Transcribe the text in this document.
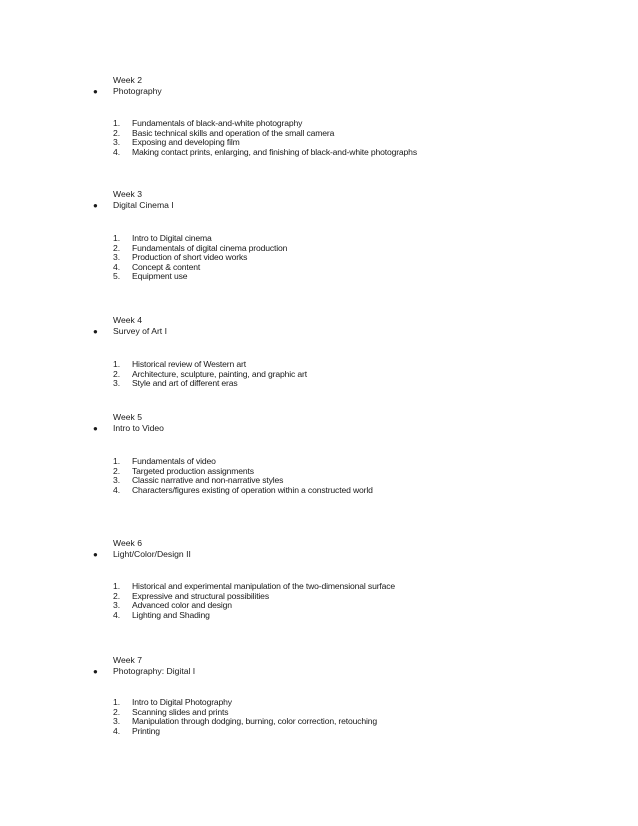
Week 2
● Photography
1. Fundamentals of black-and-white photography
2. Basic technical skills and operation of the small camera
3. Exposing and developing film
4. Making contact prints, enlarging, and finishing of black-and-white photographs
Week 3
● Digital Cinema I
1. Intro to Digital cinema
2. Fundamentals of digital cinema production
3. Production of short video works
4. Concept & content
5. Equipment use
Week 4
● Survey of Art I
1. Historical review of Western art
2. Architecture, sculpture, painting, and graphic art
3. Style and art of different eras
Week 5
● Intro to Video
1. Fundamentals of video
2. Targeted production assignments
3. Classic narrative and non-narrative styles
4. Characters/figures existing of operation within a constructed world
Week 6
● Light/Color/Design II
1. Historical and experimental manipulation of the two-dimensional surface
2. Expressive and structural possibilities
3. Advanced color and design
4. Lighting and Shading
Week 7
● Photography: Digital I
1. Intro to Digital Photography
2. Scanning slides and prints
3. Manipulation through dodging, burning, color correction, retouching
4. Printing
